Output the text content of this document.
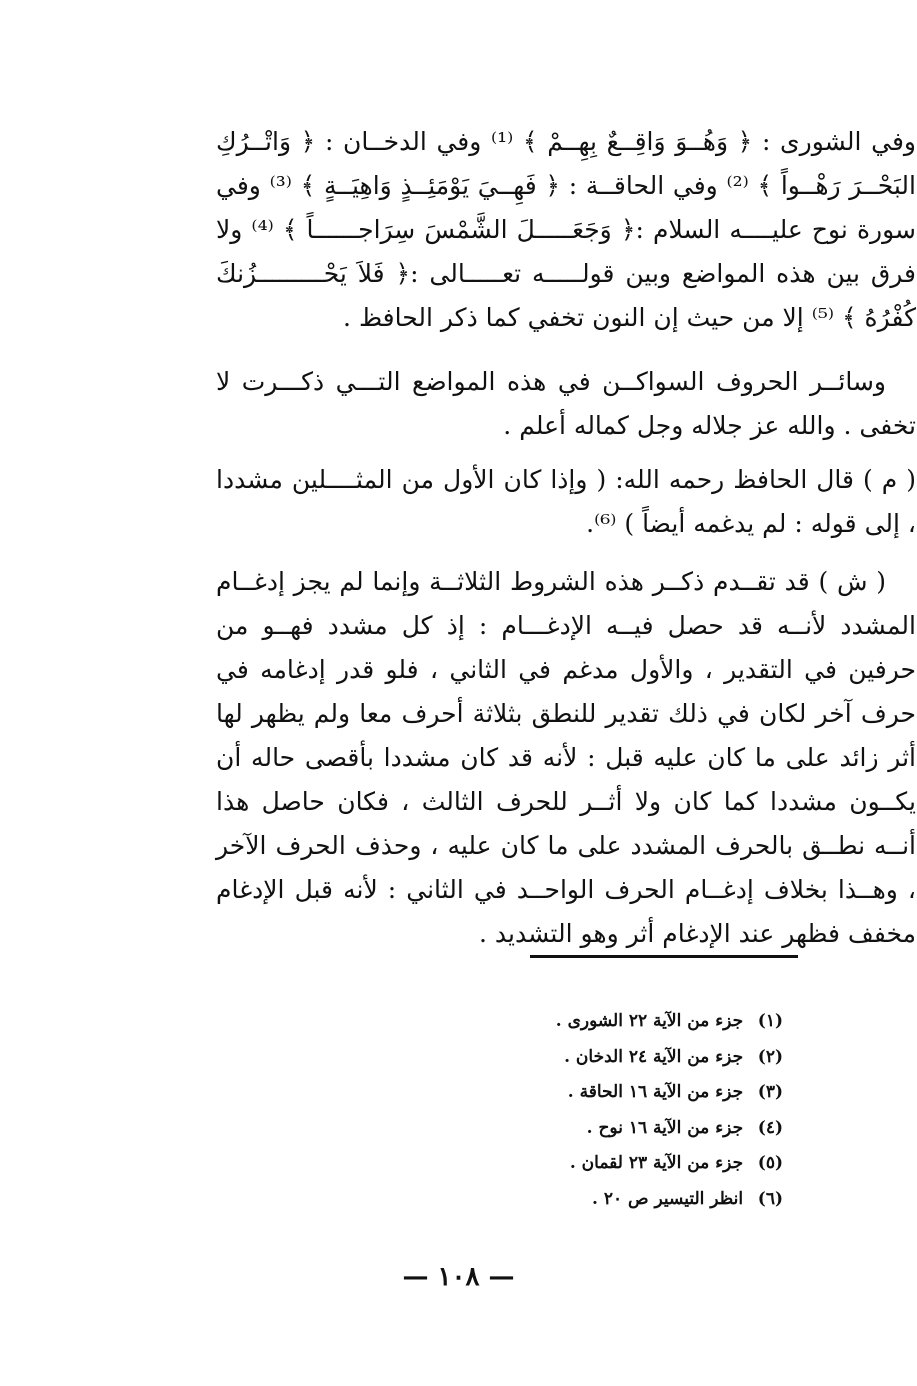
وفي الشورى : ﴿ وَهُــوَ وَاقِــعٌ بِهِــمْ ﴾ ⁽¹⁾ وفي الدخــان : ﴿ وَاتْــرُكِ البَحْــرَ رَهْــواً ﴾ ⁽²⁾ وفي الحاقــة : ﴿ فَهِــيَ يَوْمَئِــذٍ وَاهِيَــةٍ ﴾ ⁽³⁾ وفي سورة نوح عليــــه السلام :﴿ وَجَعَـــــلَ الشَّمْسَ سِرَاجــــــاً ﴾ ⁽⁴⁾ ولا فرق بين هذه المواضع وبين قولـــــه تعـــــالى :﴿ فَلاَ يَحْـــــــــزُنكَ كُفْرُهُ ﴾ ⁽⁵⁾ إلا من حيث إن النون تخفي كما ذكر الحافظ .

وسائــر الحروف السواكــن في هذه المواضع التـــي ذكـــرت لا تخفى . والله عز جلاله وجل كماله أعلم .

( م ) قال الحافظ رحمه الله: ( وإذا كان الأول من المثــــلين مشددا ، إلى قوله : لم يدغمه أيضاً ) ⁽⁶⁾.

( ش ) قد تقــدم ذكــر هذه الشروط الثلاثــة وإنما لم يجز إدغــام المشدد لأنــه قد حصل فيــه الإدغـــام : إذ كل مشدد فهــو من حرفين في التقدير ، والأول مدغم في الثاني ، فلو قدر إدغامه في حرف آخر لكان في ذلك تقدير للنطق بثلاثة أحرف معا ولم يظهر لها أثر زائد على ما كان عليه قبل : لأنه قد كان مشددا بأقصى حاله أن يكــون مشددا كما كان ولا أثــر للحرف الثالث ، فكان حاصل هذا أنــه نطــق بالحرف المشدد على ما كان عليه ، وحذف الحرف الآخر ، وهــذا بخلاف إدغــام الحرف الواحــد في الثاني : لأنه قبل الإدغام مخفف فظهر عند الإدغام أثر وهو التشديد .

(١) جزء من الآية ٢٢ الشورى .
(٢) جزء من الآية ٢٤ الدخان .
(٣) جزء من الآية ١٦ الحاقة .
(٤) جزء من الآية ١٦ نوح .
(٥) جزء من الآية ٢٣ لقمان .
(٦) انظر التيسير ص ٢٠ .
— ١٠٨ —
